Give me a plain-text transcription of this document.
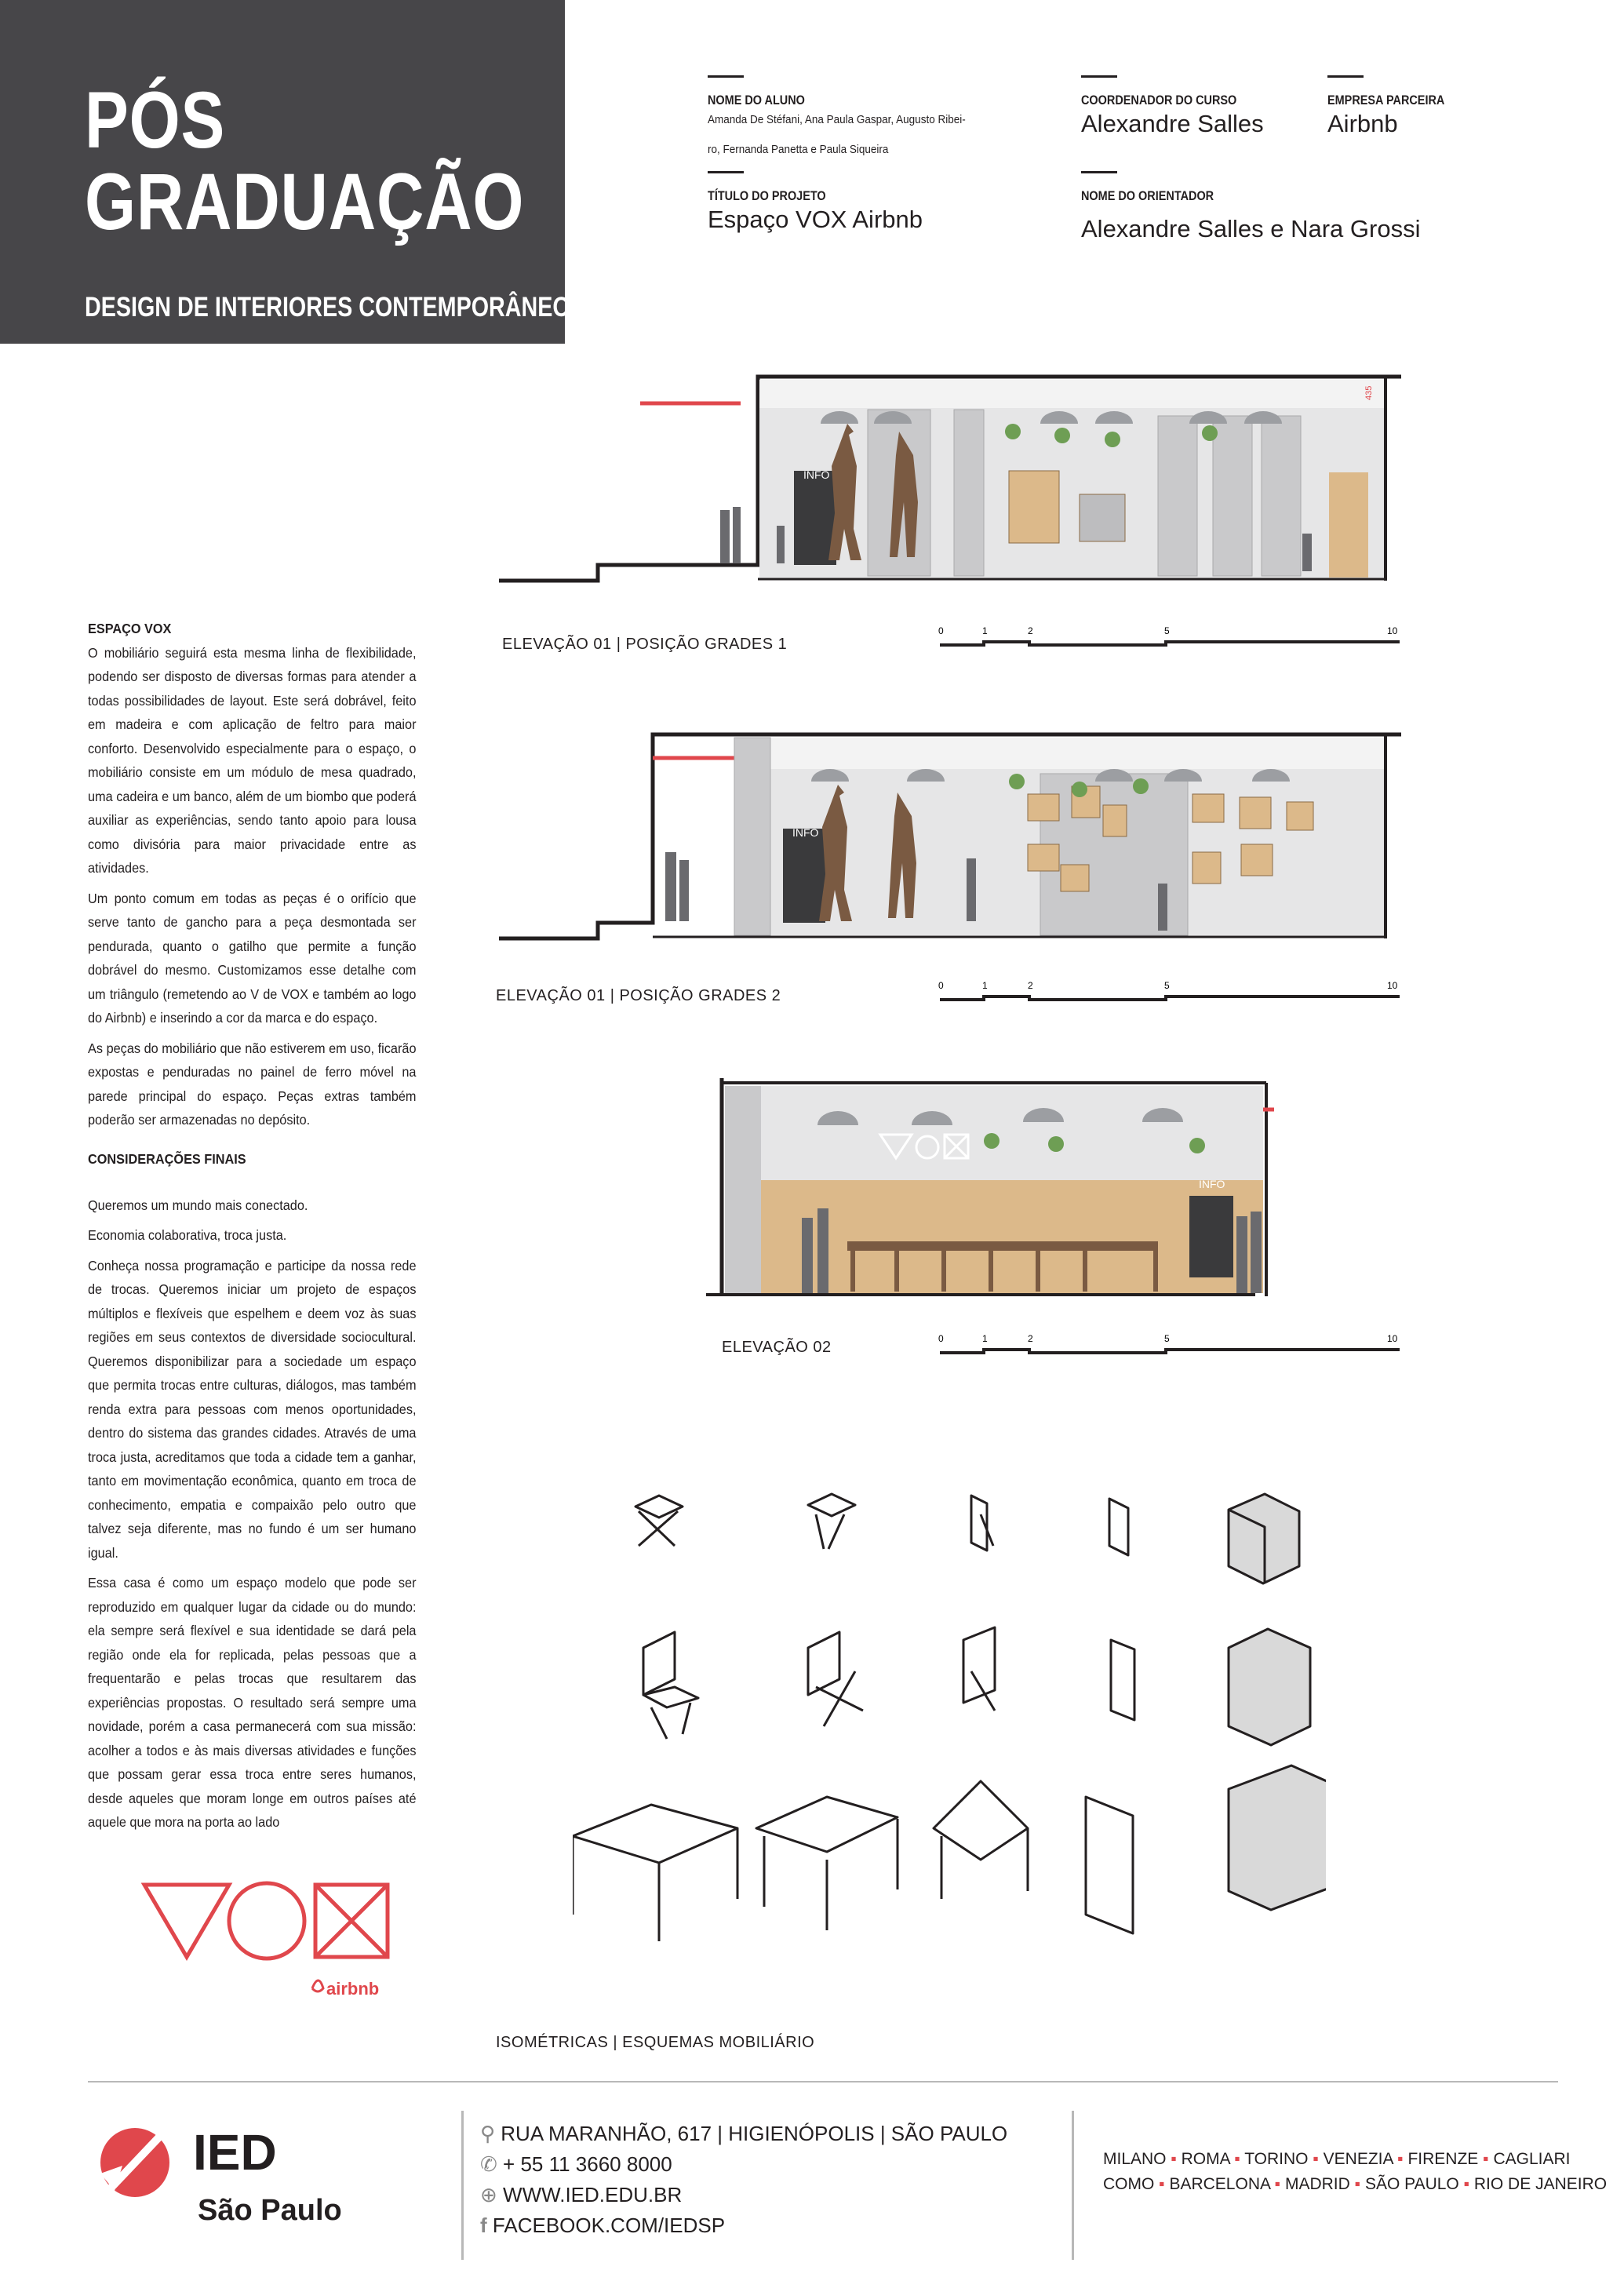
PÓS
GRADUAÇÃO
DESIGN DE INTERIORES CONTEMPORÂNEO
NOME DO ALUNO
Amanda De Stéfani, Ana Paula Gaspar, Augusto Ribei-
ro, Fernanda Panetta e Paula Siqueira
TÍTULO DO PROJETO
Espaço VOX Airbnb
COORDENADOR DO CURSO
Alexandre Salles
NOME DO ORIENTADOR
Alexandre Salles e Nara Grossi
EMPRESA PARCEIRA
Airbnb
ESPAÇO VOX

O mobiliário seguirá esta mesma linha de flexibilidade, podendo ser disposto de diversas formas para atender a todas possibilidades de layout. Este será dobrável, feito em madeira e com aplicação de feltro para maior conforto. Desenvolvido especialmente para o espaço, o mobiliário consiste em um módulo de mesa quadrado, uma cadeira e um banco, além de um biombo que poderá auxiliar as experiências, sendo tanto apoio para lousa como divisória para maior privacidade entre as atividades.

Um ponto comum em todas as peças é o orifício que serve tanto de gancho para a peça desmontada ser pendurada, quanto o gatilho que permite a função dobrável do mesmo. Customizamos esse detalhe com um triângulo (remetendo ao V de VOX e também ao logo do Airbnb) e inserindo a cor da marca e do espaço.

As peças do mobiliário que não estiverem em uso, ficarão expostas e penduradas no painel de ferro móvel na parede principal do espaço. Peças extras também poderão ser armazenadas no depósito.

CONSIDERAÇÕES FINAIS

Queremos um mundo mais conectado.

Economia colaborativa, troca justa.

Conheça nossa programação e participe da nossa rede de trocas. Queremos iniciar um projeto de espaços múltiplos e flexíveis que espelhem e deem voz às suas regiões em seus contextos de diversidade sociocultural. Queremos disponibilizar para a sociedade um espaço que permita trocas entre culturas, diálogos, mas também renda extra para pessoas com menos oportunidades, dentro do sistema das grandes cidades. Através de uma troca justa, acreditamos que toda a cidade tem a ganhar, tanto em movimentação econômica, quanto em troca de conhecimento, empatia e compaixão pelo outro que talvez seja diferente, mas no fundo é um ser humano igual.

Essa casa é como um espaço modelo que pode ser reproduzido em qualquer lugar da cidade ou do mundo: ela sempre será flexível e sua identidade se dará pela região onde ela for replicada, pelas pessoas que a frequentarão e pelas trocas que resultarem das experiências propostas. O resultado será sempre uma novidade, porém a casa permanecerá com sua missão: acolher a todos e às mais diversas atividades e funções que possam gerar essa troca entre seres humanos, desde aqueles que moram longe em outros países até aquele que mora na porta ao lado

INFO
435
ELEVAÇÃO 01 | POSIÇÃO GRADES 1
0	1	2	5	10
INFO
ELEVAÇÃO 01 | POSIÇÃO GRADES 2
0	1	2	5	10
INFO
ELEVAÇÃO 02	0	1	2	5	10
ISOMÉTRICAS | ESQUEMAS MOBILIÁRIO
airbnb
IED
São Paulo
⚲ RUA MARANHÃO, 617 | HIGIENÓPOLIS | SÃO PAULO
✆ + 55 11 3660 8000
⊕ WWW.IED.EDU.BR
f FACEBOOK.COM/IEDSP
MILANO ▪ ROMA ▪ TORINO ▪ VENEZIA ▪ FIRENZE ▪ CAGLIARI
COMO ▪ BARCELONA ▪ MADRID ▪ SÃO PAULO ▪ RIO DE JANEIRO
